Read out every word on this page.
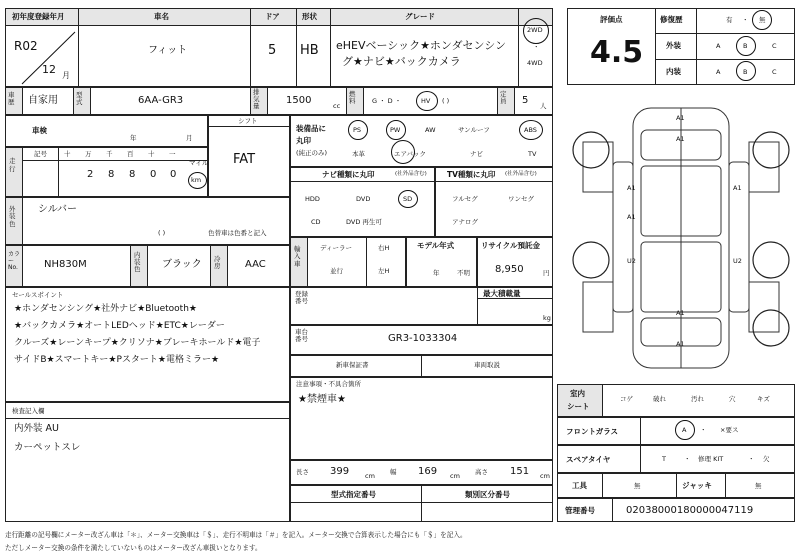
初年度登録年月	車名	ドア	形状	グレード
R02
12 月
フィット	5 HB eHEVベーシック★ホンダセンシン
グ★ナビ★バックカメラ
2WD
・
4WD
車歴	自家用	型式	6AA-GR3
排気量	1500	cc
燃料	G ・ D ・	HV ( )
定員	5 人
車検
年	月
走行
記号	十 万 千 百 十 一
2 8 8 0 0
マイル
km
シフト
FAT
外装色
シルバー
( )	色替車は色番と記入
カラーNo.	NH830M
内装色	ブラック 冷房	AAC
セールスポイント
★ホンダセンシング★社外ナビ★Bluetooth★
★バックカメラ★オートLEDヘッド★ETC★レーダー
クルーズ★レーンキープ★クリソナ★ブレーキホールド★電子
サイドB★スマートキー★Pスタート★電格ミラー★
検査記入欄
内外装 AU
カーペットスレ
装備品に
丸印
(純正のみ)
PS	PW	AW	サンルーフ	ABS
本革	エアバック	ナビ	TV
ナビ種類に丸印	(社外品含む)
HDD	DVD	SD
CD	DVD 再生可
TV種類に丸印 (社外品含む)
フルセグ	ワンセグ
アナログ
輸入車
ディーラー
並行
右H
左H
モデル年式
年	不明
リサイクル預託金
8,950	円
登録番号
最大積載量
kg
車台番号	GR3-1033304
新車保証書	車両取説
注意事項・不具合箇所
★禁煙車★
長さ 399 cm 幅 169 cm 高さ 151 cm
型式指定番号	類別区分番号
評価点
4.5
修復歴	有 ・ 無
外装	A	B	C
内装	A	B	C
A1
A1
A1	A1
A1
U2	U2
A1
A1
室内
シート
コゲ	破れ	汚れ	穴	キズ
フロントガラス	A ・ ×要ス
スペアタイヤ	T	・ 修理 KIT	・ 欠
工具	無	ジャッキ	無
管理番号	02038000180000047119
走行距離の記号欄にメーター改ざん車は「＊」、メーター交換車は「＄」、走行不明車は「＃」を記入。メーター交換で合算表示した場合にも「＄」を記入。
ただしメーター交換の条件を満たしていないものはメーター改ざん車扱いとなります。
